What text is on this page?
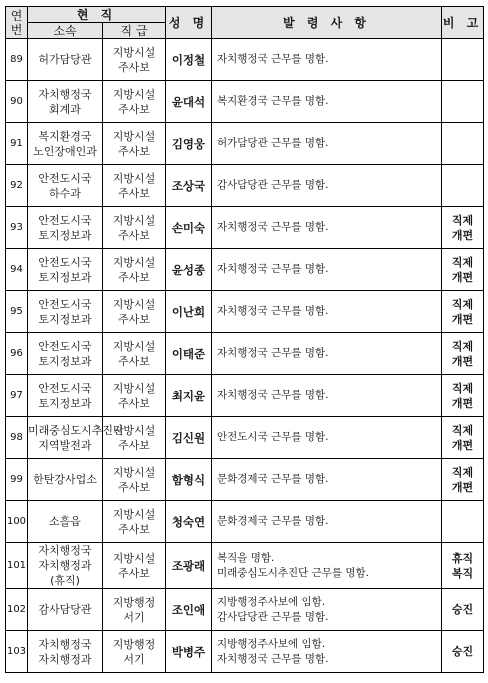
연번	현 직		성 명	발 령 사 항	비 고
	소속	직 급			
89	허가담당관	지방시설
주사보	이정철	자치행정국 근무를 명함.	

90	자치행정국
회계과	지방시설
주사보	윤대석	복지환경국 근무를 명함.	

91	복지환경국
노인장애인과	지방시설
주사보	김영웅	허가담당관 근무를 명함.	

92	안전도시국
하수과	지방시설
주사보	조상국	감사담당관 근무를 명함.	

93	안전도시국
토지정보과	지방시설
주사보	손미숙	자치행정국 근무를 명함.	직제
개편

94	안전도시국
토지정보과	지방시설
주사보	윤성종	자치행정국 근무를 명함.	직제
개편

95	안전도시국
토지정보과	지방시설
주사보	이난희	자치행정국 근무를 명함.	직제
개편

96	안전도시국
토지정보과	지방시설
주사보	이태준	자치행정국 근무를 명함.	직제
개편

97	안전도시국
토지정보과	지방시설
주사보	최지윤	자치행정국 근무를 명함.	직제
개편

98	미래중심도시추진단
지역발전과	지방시설
주사보	김신원	안전도시국 근무를 명함.	직제
개편

99	한탄강사업소	지방시설
주사보	함형식	문화경제국 근무를 명함.	직제
개편

100	소흘읍	지방시설
주사보	청숙연	문화경제국 근무를 명함.	

101	자치행정국
자치행정과
(휴직)	지방시설
주사보	조광래	복직을 명함.
미래중심도시추진단 근무를 명함.	휴직
복직

102	감사담당관	지방행정
서기	조인애	지방행정주사보에 임함.
감사담당관 근무를 명함.	승진

103	자치행정국
자치행정과	지방행정
서기	박병주	지방행정주사보에 임함.
자치행정국 근무를 명함.	승진
